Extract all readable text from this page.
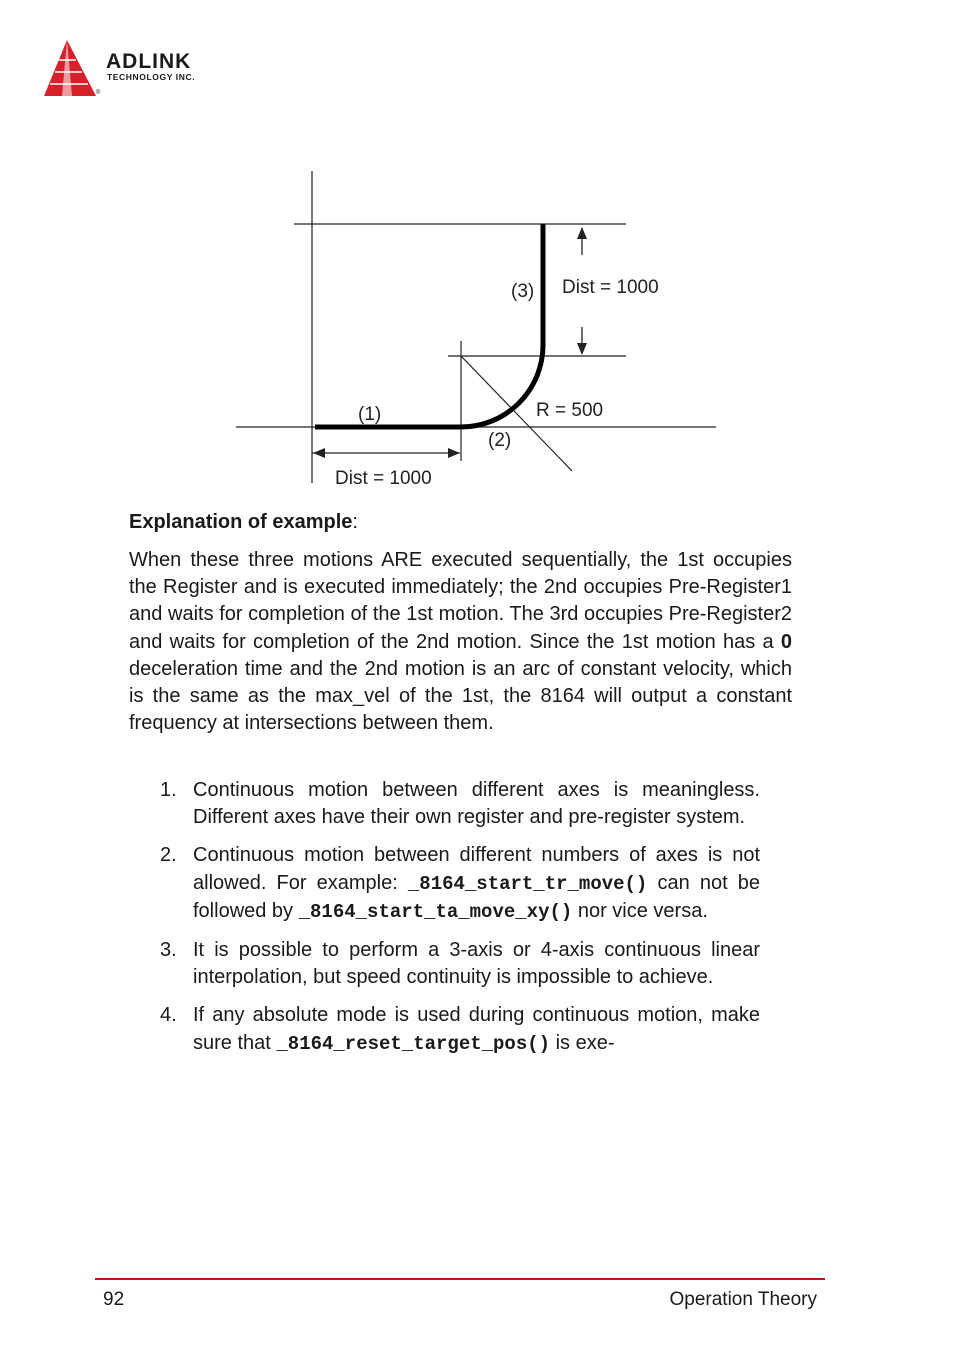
ADLINK
TECHNOLOGY INC.
®
(3) Dist = 1000
(1)	R = 500
(2)
Dist = 1000
Explanation of example:

When these three motions ARE executed sequentially, the 1st occupies the Register and is executed immediately; the 2nd occupies Pre-Register1 and waits for completion of the 1st motion. The 3rd occupies Pre-Register2 and waits for completion of the 2nd motion. Since the 1st motion has a 0 deceleration time and the 2nd motion is an arc of constant velocity, which is the same as the max_vel of the 1st, the 8164 will output a constant frequency at intersections between them.

1. Continuous motion between different axes is meaningless. Different axes have their own register and pre-register system.
2. Continuous motion between different numbers of axes is not allowed. For example: _8164_start_tr_move() can not be followed by _8164_start_ta_move_xy() nor vice versa.
3. It is possible to perform a 3-axis or 4-axis continuous linear interpolation, but speed continuity is impossible to achieve.
4. If any absolute mode is used during continuous motion, make sure that _8164_reset_target_pos() is exe-
92	Operation Theory
